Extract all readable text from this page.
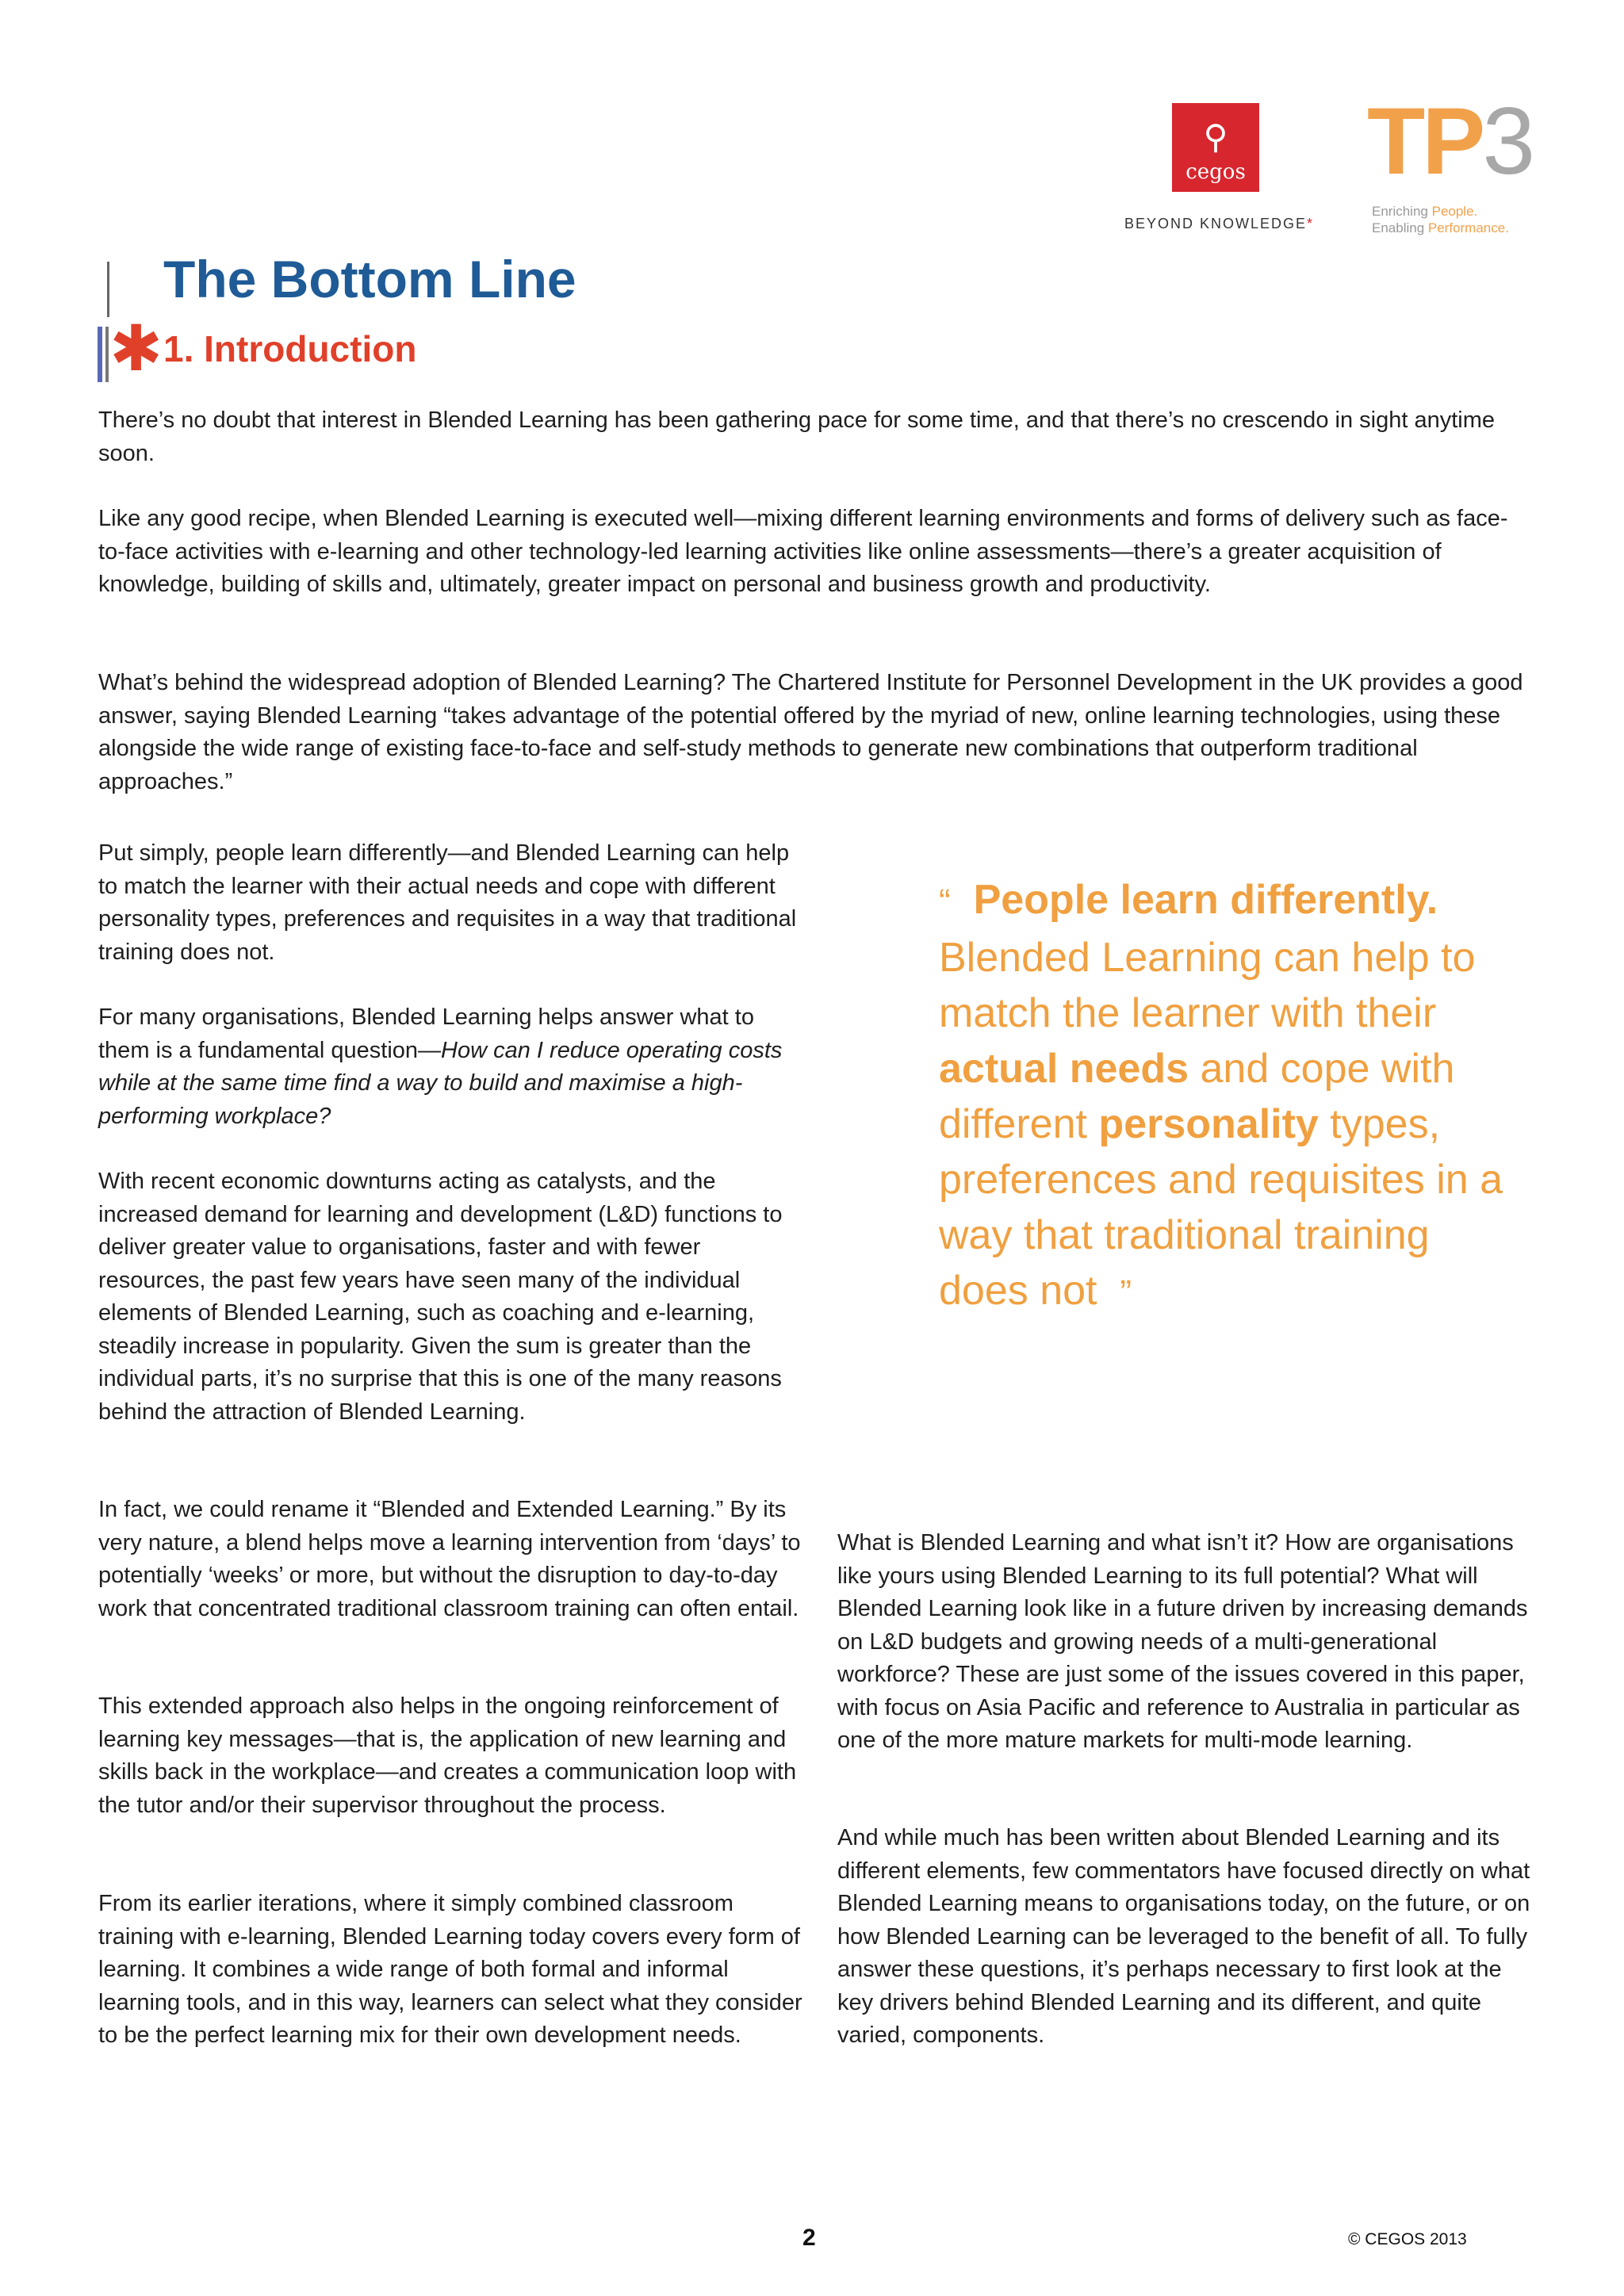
⚲
cegos
BEYOND KNOWLEDGE*
TP3
Enriching People.
Enabling Performance.
The Bottom Line
✱ 1. Introduction

There’s no doubt that interest in Blended Learning has been gathering pace for some time, and that there’s no crescendo in sight anytime soon.

Like any good recipe, when Blended Learning is executed well—mixing different learning environments and forms of delivery such as face-to-face activities with e-learning and other technology-led learning activities like online assessments—there’s a greater acquisition of knowledge, building of skills and, ultimately, greater impact on personal and business growth and productivity.

What’s behind the widespread adoption of Blended Learning? The Chartered Institute for Personnel Development in the UK provides a good answer, saying Blended Learning “takes advantage of the potential offered by the myriad of new, online learning technologies, using these alongside the wide range of existing face-to-face and self-study methods to generate new combinations that outperform traditional approaches.”

Put simply, people learn differently—and Blended Learning can help to match the learner with their actual needs and cope with different personality types, preferences and requisites in a way that traditional training does not.

For many organisations, Blended Learning helps answer what to them is a fundamental question—How can I reduce operating costs while at the same time find a way to build and maximise a high-performing workplace?

With recent economic downturns acting as catalysts, and the increased demand for learning and development (L&D) functions to deliver greater value to organisations, faster and with fewer resources, the past few years have seen many of the individual elements of Blended Learning, such as coaching and e-learning, steadily increase in popularity. Given the sum is greater than the individual parts, it’s no surprise that this is one of the many reasons behind the attraction of Blended Learning.

In fact, we could rename it “Blended and Extended Learning.” By its very nature, a blend helps move a learning intervention from ‘days’ to potentially ‘weeks’ or more, but without the disruption to day-to-day work that concentrated traditional classroom training can often entail.

This extended approach also helps in the ongoing reinforcement of learning key messages—that is, the application of new learning and skills back in the workplace—and creates a communication loop with the tutor and/or their supervisor throughout the process.

From its earlier iterations, where it simply combined classroom training with e-learning, Blended Learning today covers every form of learning. It combines a wide range of both formal and informal learning tools, and in this way, learners can select what they consider to be the perfect learning mix for their own development needs.

“ People learn differently. Blended Learning can help to match the learner with their actual needs and cope with different personality types, preferences and requisites in a way that traditional training does not ”

What is Blended Learning and what isn’t it? How are organisations like yours using Blended Learning to its full potential? What will Blended Learning look like in a future driven by increasing demands on L&D budgets and growing needs of a multi-generational workforce? These are just some of the issues covered in this paper, with focus on Asia Pacific and reference to Australia in particular as one of the more mature markets for multi-mode learning.

And while much has been written about Blended Learning and its different elements, few commentators have focused directly on what Blended Learning means to organisations today, on the future, or on how Blended Learning can be leveraged to the benefit of all. To fully answer these questions, it’s perhaps necessary to first look at the key drivers behind Blended Learning and its different, and quite varied, components.

2	© CEGOS 2013
